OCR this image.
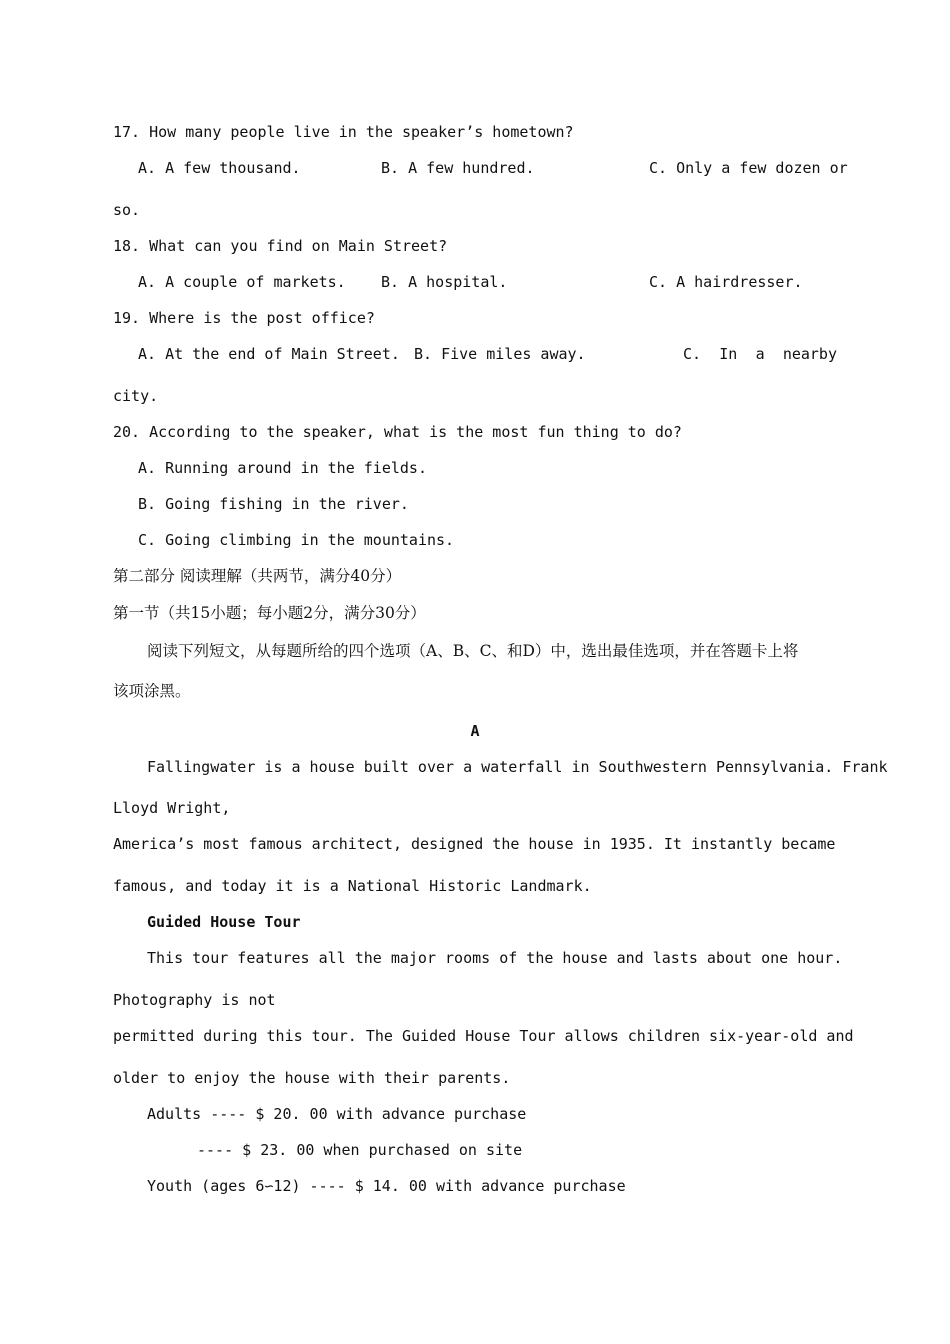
17. How many people live in the speaker’s hometown?
A. A few thousand.	B. A few hundred.	C. Only a few dozen or
so.
18. What can you find on Main Street?
A. A couple of markets. B. A hospital.	C. A hairdresser.
19. Where is the post office?
A. At the end of Main Street. B. Five miles away.	C. In a nearby
city.
20. According to the speaker, what is the most fun thing to do?
A. Running around in the fields.
B. Going fishing in the river.
C. Going climbing in the mountains.
第二部分 阅读理解（共两节，满分40分）
第一节（共15小题；每小题2分，满分30分）
阅读下列短文，从每题所给的四个选项（A、B、C、和D）中，选出最佳选项，并在答题卡上将
该项涂黑。
A
Fallingwater is a house built over a waterfall in Southwestern Pennsylvania. Frank
Lloyd Wright,
America’s most famous architect, designed the house in 1935. It instantly became
famous, and today it is a National Historic Landmark.
Guided House Tour
This tour features all the major rooms of the house and lasts about one hour.
Photography is not
permitted during this tour. The Guided House Tour allows children six-year-old and
older to enjoy the house with their parents.
Adults ---- $ 20. 00 with advance purchase
---- $ 23. 00 when purchased on site
Youth (ages 6∽12) ---- $ 14. 00 with advance purchase
